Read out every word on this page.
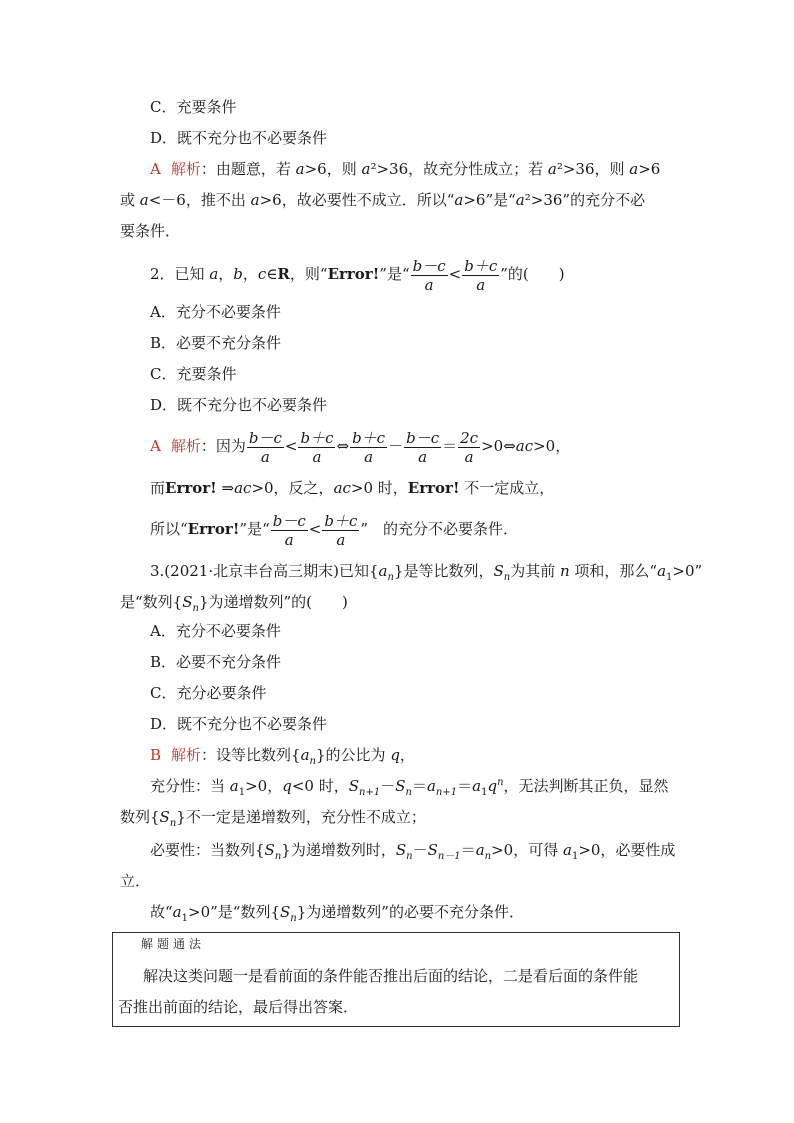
C．充要条件
D．既不充分也不必要条件
A 解析：由题意，若 a>6，则 a²>36，故充分性成立；若 a²>36，则 a>6
或 a<－6，推不出 a>6，故必要性不成立．所以“a>6”是“a²>36”的充分不必
要条件．
2．已知 a，b，c∈R，则“Error!”是“ $\frac{b-c}{a} < \frac{b+c}{a}$ ”的(　　)
A．充分不必要条件
B．必要不充分条件
C．充要条件
D．既不充分也不必要条件
A 解析：因为 $\frac{b-c}{a} < \frac{b+c}{a}$ ⇔ $\frac{b+c}{a} - \frac{b-c}{a} = \frac{2c}{a}$ >0⇔ac>0，
而Error! ⇒ac>0，反之，ac>0 时，Error! 不一定成立，
所以“Error!”是“ $\frac{b-c}{a} < \frac{b+c}{a}$ ”　的充分不必要条件．
3.(2021·北京丰台高三期末)已知$\{a_n\}$是等比数列，$S_n$为其前 n 项和，那么“$a_1>0$”
是“数列$\{S_n\}$为递增数列”的(　　)
A．充分不必要条件
B．必要不充分条件
C．充分必要条件
D．既不充分也不必要条件
B 解析：设等比数列$\{a_n\}$的公比为 q，
充分性：当 $a_1>0$，q<0 时，$S_{n+1}-S_n=a_{n+1}=a_1q^n$，无法判断其正负，显然
数列$\{S_n\}$不一定是递增数列，充分性不成立；
必要性：当数列$\{S_n\}$为递增数列时，$S_n-S_{n-1}=a_n>0$，可得 $a_1>0$，必要性成
立．
故“$a_1>0$”是“数列$\{S_n\}$为递增数列”的必要不充分条件．
解题通法
解决这类问题一是看前面的条件能否推出后面的结论，二是看后面的条件能
否推出前面的结论，最后得出答案．
